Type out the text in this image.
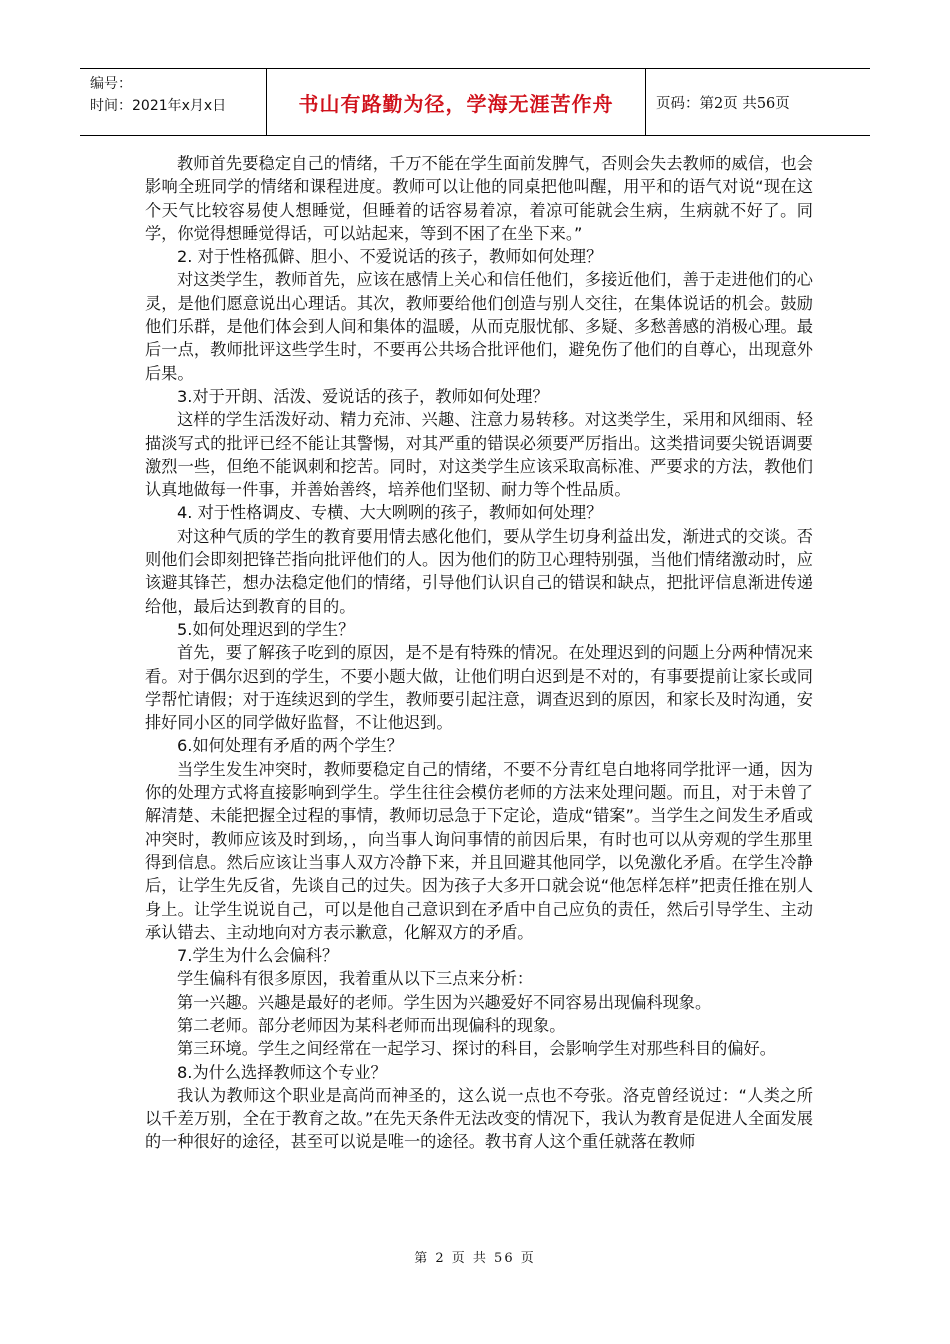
编号：
时间：2021年x月x日	书山有路勤为径，学海无涯苦作舟	页码：第2页 共56页

教师首先要稳定自己的情绪，千万不能在学生面前发脾气，否则会失去教师的威信，也会影响全班同学的情绪和课程进度。教师可以让他的同桌把他叫醒，用平和的语气对说“现在这个天气比较容易使人想睡觉，但睡着的话容易着凉，着凉可能就会生病，生病就不好了。同学，你觉得想睡觉得话，可以站起来，等到不困了在坐下来。”

2. 对于性格孤僻、胆小、不爱说话的孩子，教师如何处理？

对这类学生，教师首先，应该在感情上关心和信任他们，多接近他们，善于走进他们的心灵，是他们愿意说出心理话。其次，教师要给他们创造与别人交往，在集体说话的机会。鼓励他们乐群，是他们体会到人间和集体的温暖，从而克服忧郁、多疑、多愁善感的消极心理。最后一点，教师批评这些学生时，不要再公共场合批评他们，避免伤了他们的自尊心，出现意外后果。

3.对于开朗、活泼、爱说话的孩子，教师如何处理？

这样的学生活泼好动、精力充沛、兴趣、注意力易转移。对这类学生，采用和风细雨、轻描淡写式的批评已经不能让其警惕，对其严重的错误必须要严厉指出。这类措词要尖锐语调要激烈一些，但绝不能讽刺和挖苦。同时，对这类学生应该采取高标准、严要求的方法，教他们认真地做每一件事，并善始善终，培养他们坚韧、耐力等个性品质。

4. 对于性格调皮、专横、大大咧咧的孩子，教师如何处理？

对这种气质的学生的教育要用情去感化他们，要从学生切身利益出发，渐进式的交谈。否则他们会即刻把锋芒指向批评他们的人。因为他们的防卫心理特别强，当他们情绪激动时，应该避其锋芒，想办法稳定他们的情绪，引导他们认识自己的错误和缺点，把批评信息渐进传递给他，最后达到教育的目的。

5.如何处理迟到的学生？

首先，要了解孩子吃到的原因，是不是有特殊的情况。在处理迟到的问题上分两种情况来看。对于偶尔迟到的学生，不要小题大做，让他们明白迟到是不对的，有事要提前让家长或同学帮忙请假；对于连续迟到的学生，教师要引起注意，调查迟到的原因，和家长及时沟通，安排好同小区的同学做好监督，不让他迟到。

6.如何处理有矛盾的两个学生？

当学生发生冲突时，教师要稳定自己的情绪，不要不分青红皂白地将同学批评一通，因为你的处理方式将直接影响到学生。学生往往会模仿老师的方法来处理问题。而且，对于未曾了解清楚、未能把握全过程的事情，教师切忌急于下定论，造成“错案”。当学生之间发生矛盾或冲突时，教师应该及时到场，，向当事人询问事情的前因后果，有时也可以从旁观的学生那里得到信息。然后应该让当事人双方冷静下来，并且回避其他同学，以免激化矛盾。在学生冷静后，让学生先反省，先谈自己的过失。因为孩子大多开口就会说“他怎样怎样”把责任推在别人身上。让学生说说自己，可以是他自己意识到在矛盾中自己应负的责任，然后引导学生、主动承认错去、主动地向对方表示歉意，化解双方的矛盾。

7.学生为什么会偏科？

学生偏科有很多原因，我着重从以下三点来分析：

第一兴趣。兴趣是最好的老师。学生因为兴趣爱好不同容易出现偏科现象。

第二老师。部分老师因为某科老师而出现偏科的现象。

第三环境。学生之间经常在一起学习、探讨的科目，会影响学生对那些科目的偏好。

8.为什么选择教师这个专业？

我认为教师这个职业是高尚而神圣的，这么说一点也不夸张。洛克曾经说过：“人类之所以千差万别，全在于教育之故。”在先天条件无法改变的情况下，我认为教育是促进人全面发展的一种很好的途径，甚至可以说是唯一的途径。教书育人这个重任就落在教师

第 2 页 共 56 页
